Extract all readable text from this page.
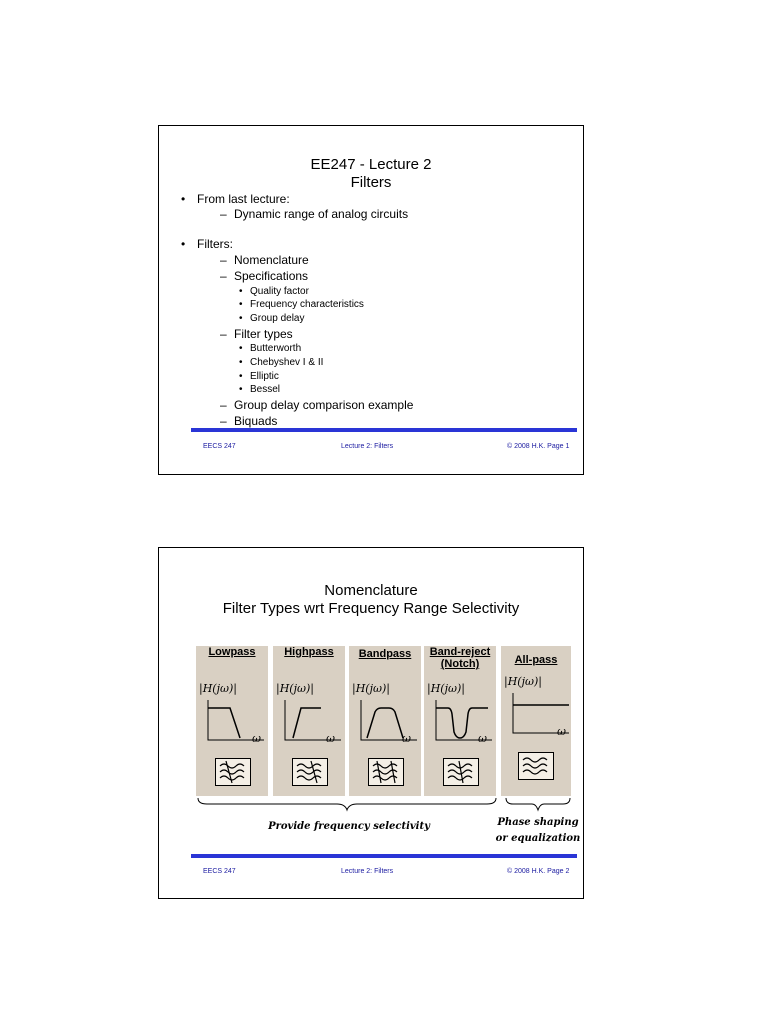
EE247 - Lecture 2
Filters
• From last lecture:
– Dynamic range of analog circuits
• Filters:
– Nomenclature
– Specifications
• Quality factor
• Frequency characteristics
• Group delay
– Filter types
• Butterworth
• Chebyshev I & II
• Elliptic
• Bessel
– Group delay comparison example
– Biquads
EECS 247	Lecture 2: Filters	© 2008 H.K. Page 1
Nomenclature
Filter Types wrt Frequency Range Selectivity
Lowpass
|H(jω)|
ω
Highpass
|H(jω)|
ω
Bandpass
|H(jω)|
ω
Band-reject (Notch)
|H(jω)|
ω
All-pass
|H(jω)|
ω
Provide frequency selectivity	Phase shaping
or equalization
EECS 247	Lecture 2: Filters	© 2008 H.K. Page 2
